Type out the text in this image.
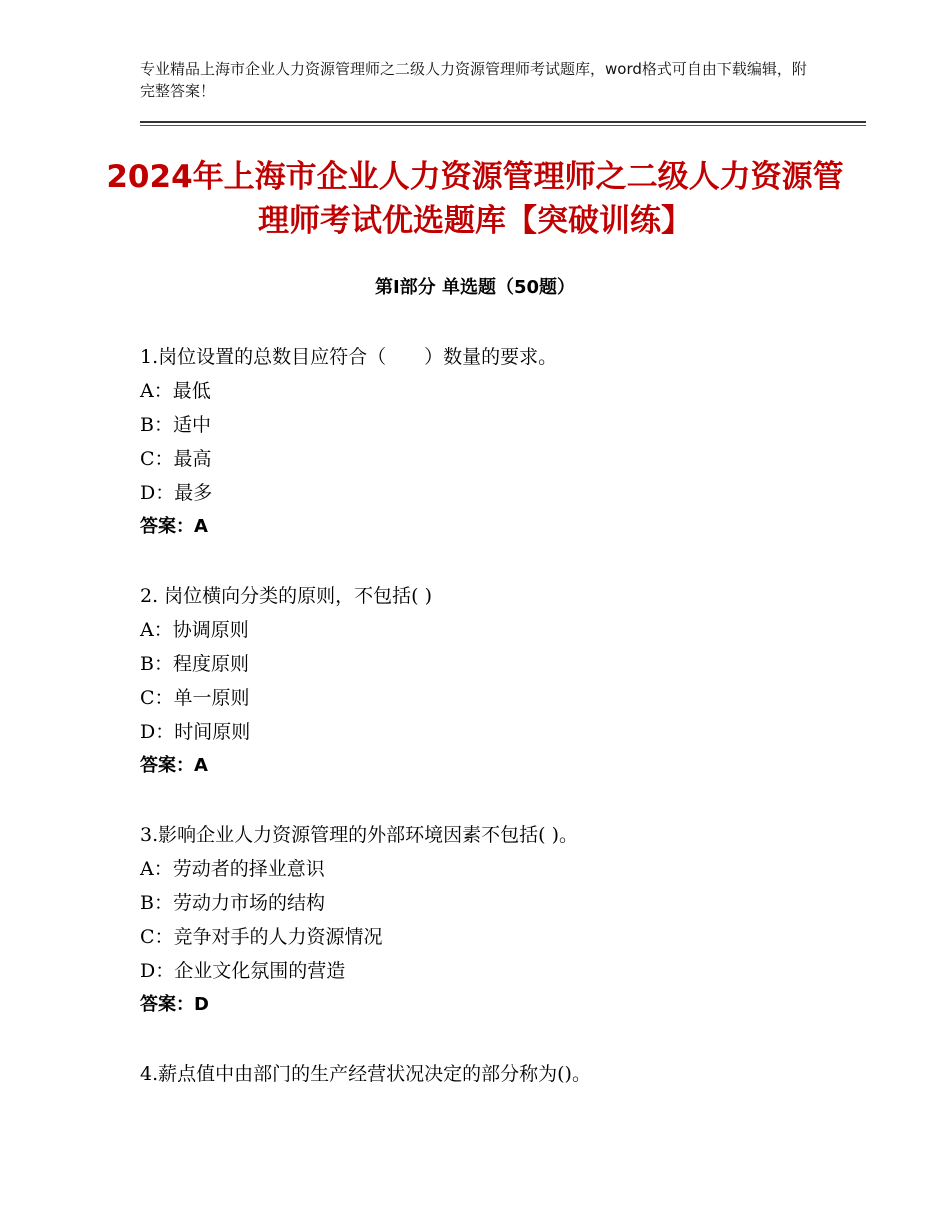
专业精品上海市企业人力资源管理师之二级人力资源管理师考试题库，word格式可自由下载编辑，附完整答案！
2024年上海市企业人力资源管理师之二级人力资源管理师考试优选题库【突破训练】
第Ⅰ部分 单选题（50题）
1.岗位设置的总数目应符合（　　）数量的要求。
A：最低
B：适中
C：最高
D：最多
答案：A
2. 岗位横向分类的原则，不包括( )
A：协调原则
B：程度原则
C：单一原则
D：时间原则
答案：A
3.影响企业人力资源管理的外部环境因素不包括( )。
A：劳动者的择业意识
B：劳动力市场的结构
C：竞争对手的人力资源情况
D：企业文化氛围的营造
答案：D
4.薪点值中由部门的生产经营状况决定的部分称为()。
